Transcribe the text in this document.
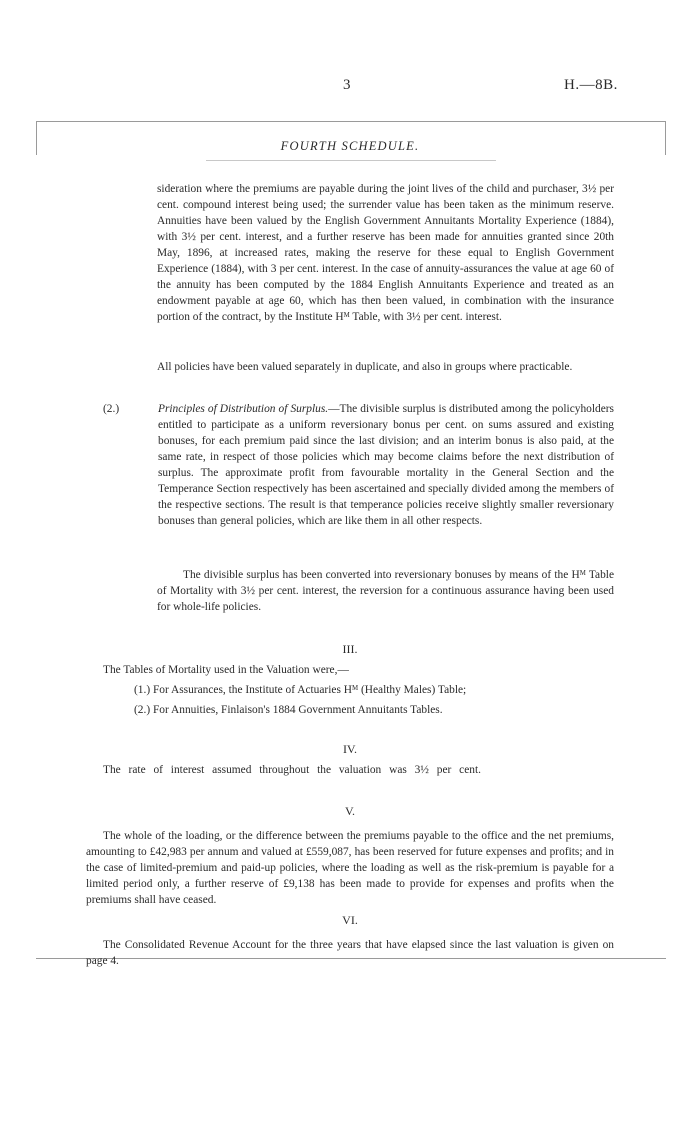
3	H.—8B.
FOURTH SCHEDULE.
sideration where the premiums are payable during the joint lives of the child and purchaser, 3½ per cent. compound interest being used; the surrender value has been taken as the minimum reserve. Annuities have been valued by the English Government Annuitants Mortality Experience (1884), with 3½ per cent. interest, and a further reserve has been made for annuities granted since 20th May, 1896, at increased rates, making the reserve for these equal to English Government Experience (1884), with 3 per cent. interest. In the case of annuity-assurances the value at age 60 of the annuity has been computed by the 1884 English Annuitants Experience and treated as an endowment payable at age 60, which has then been valued, in combination with the insurance portion of the contract, by the Institute Hᴹ Table, with 3½ per cent. interest.
All policies have been valued separately in duplicate, and also in groups where practicable.
Principles of Distribution of Surplus.—The divisible surplus is distributed among the policyholders entitled to participate as a uniform reversionary bonus per cent. on sums assured and existing bonuses, for each premium paid since the last division; and an interim bonus is also paid, at the same rate, in respect of those policies which may become claims before the next distribution of surplus. The approximate profit from favourable mortality in the General Section and the Temperance Section respectively has been ascertained and specially divided among the members of the respective sections. The result is that temperance policies receive slightly smaller reversionary bonuses than general policies, which are like them in all other respects.
(2.)
The divisible surplus has been converted into reversionary bonuses by means of the Hᴹ Table of Mortality with 3½ per cent. interest, the reversion for a continuous assurance having been used for whole-life policies.
III.
The Tables of Mortality used in the Valuation were,—
(1.) For Assurances, the Institute of Actuaries Hᴹ (Healthy Males) Table;
(2.) For Annuities, Finlaison's 1884 Government Annuitants Tables.
IV.
The rate of interest assumed throughout the valuation was 3½ per cent.
V.
The whole of the loading, or the difference between the premiums payable to the office and the net premiums, amounting to £42,983 per annum and valued at £559,087, has been reserved for future expenses and profits; and in the case of limited-premium and paid-up policies, where the loading as well as the risk-premium is payable for a limited period only, a further reserve of £9,138 has been made to provide for expenses and profits when the premiums shall have ceased.
VI.
The Consolidated Revenue Account for the three years that have elapsed since the last valuation is given on page 4.
